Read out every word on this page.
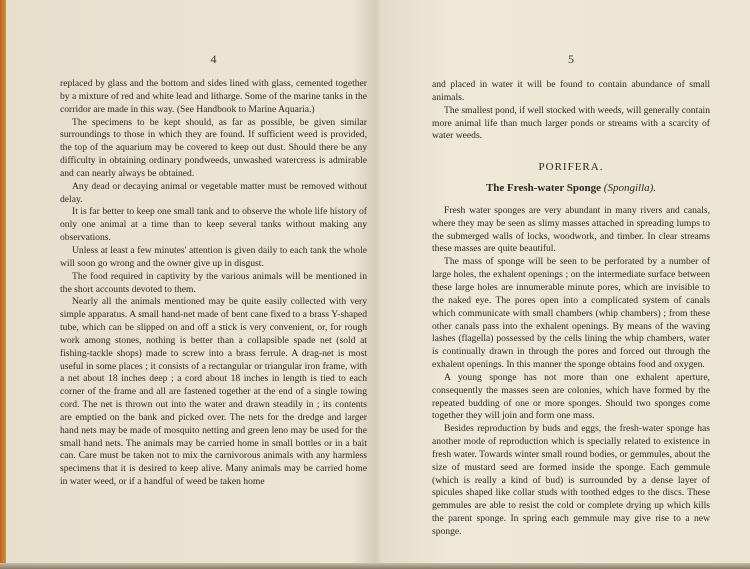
4

replaced by glass and the bottom and sides lined with glass, cemented together by a mixture of red and white lead and litharge. Some of the marine tanks in the corridor are made in this way. (See Handbook to Marine Aquaria.)

The specimens to be kept should, as far as possible, be given similar surroundings to those in which they are found. If sufficient weed is provided, the top of the aquarium may be covered to keep out dust. Should there be any difficulty in obtaining ordinary pondweeds, unwashed watercress is admirable and can nearly always be obtained.

Any dead or decaying animal or vegetable matter must be removed without delay.

It is far better to keep one small tank and to observe the whole life history of only one animal at a time than to keep several tanks without making any observations.

Unless at least a few minutes' attention is given daily to each tank the whole will soon go wrong and the owner give up in disgust.

The food required in captivity by the various animals will be mentioned in the short accounts devoted to them.

Nearly all the animals mentioned may be quite easily collected with very simple apparatus. A small hand-net made of bent cane fixed to a brass Y-shaped tube, which can be slipped on and off a stick is very convenient, or, for rough work among stones, nothing is better than a collapsible spade net (sold at fishing-tackle shops) made to screw into a brass ferrule. A drag-net is most useful in some places ; it consists of a rectangular or triangular iron frame, with a net about 18 inches deep ; a cord about 18 inches in length is tied to each corner of the frame and all are fastened together at the end of a single towing cord. The net is thrown out into the water and drawn steadily in ; its contents are emptied on the bank and picked over. The nets for the dredge and larger hand nets may be made of mosquito netting and green leno may be used for the small hand nets. The animals may be carried home in small bottles or in a bait can. Care must be taken not to mix the carnivorous animals with any harmless specimens that it is desired to keep alive. Many animals may be carried home in water weed, or if a handful of weed be taken home

5

and placed in water it will be found to contain abundance of small animals.

The smallest pond, if well stocked with weeds, will generally contain more animal life than much larger ponds or streams with a scarcity of water weeds.

PORIFERA.
The Fresh-water Sponge (Spongilla).

Fresh water sponges are very abundant in many rivers and canals, where they may be seen as slimy masses attached in spreading lumps to the submerged walls of locks, woodwork, and timber. In clear streams these masses are quite beautiful.

The mass of sponge will be seen to be perforated by a number of large holes, the exhalent openings ; on the intermediate surface between these large holes are innumerable minute pores, which are invisible to the naked eye. The pores open into a complicated system of canals which communicate with small chambers (whip chambers) ; from these other canals pass into the exhalent openings. By means of the waving lashes (flagella) possessed by the cells lining the whip chambers, water is continually drawn in through the pores and forced out through the exhalent openings. In this manner the sponge obtains food and oxygen.

A young sponge has not more than one exhalent aperture, consequently the masses seen are colonies, which have formed by the repeated budding of one or more sponges. Should two sponges come together they will join and form one mass.

Besides reproduction by buds and eggs, the fresh-water sponge has another mode of reproduction which is specially related to existence in fresh water. Towards winter small round bodies, or gemmules, about the size of mustard seed are formed inside the sponge. Each gemmule (which is really a kind of bud) is surrounded by a dense layer of spicules shaped like collar studs with toothed edges to the discs. These gemmules are able to resist the cold or complete drying up which kills the parent sponge. In spring each gemmule may give rise to a new sponge.
